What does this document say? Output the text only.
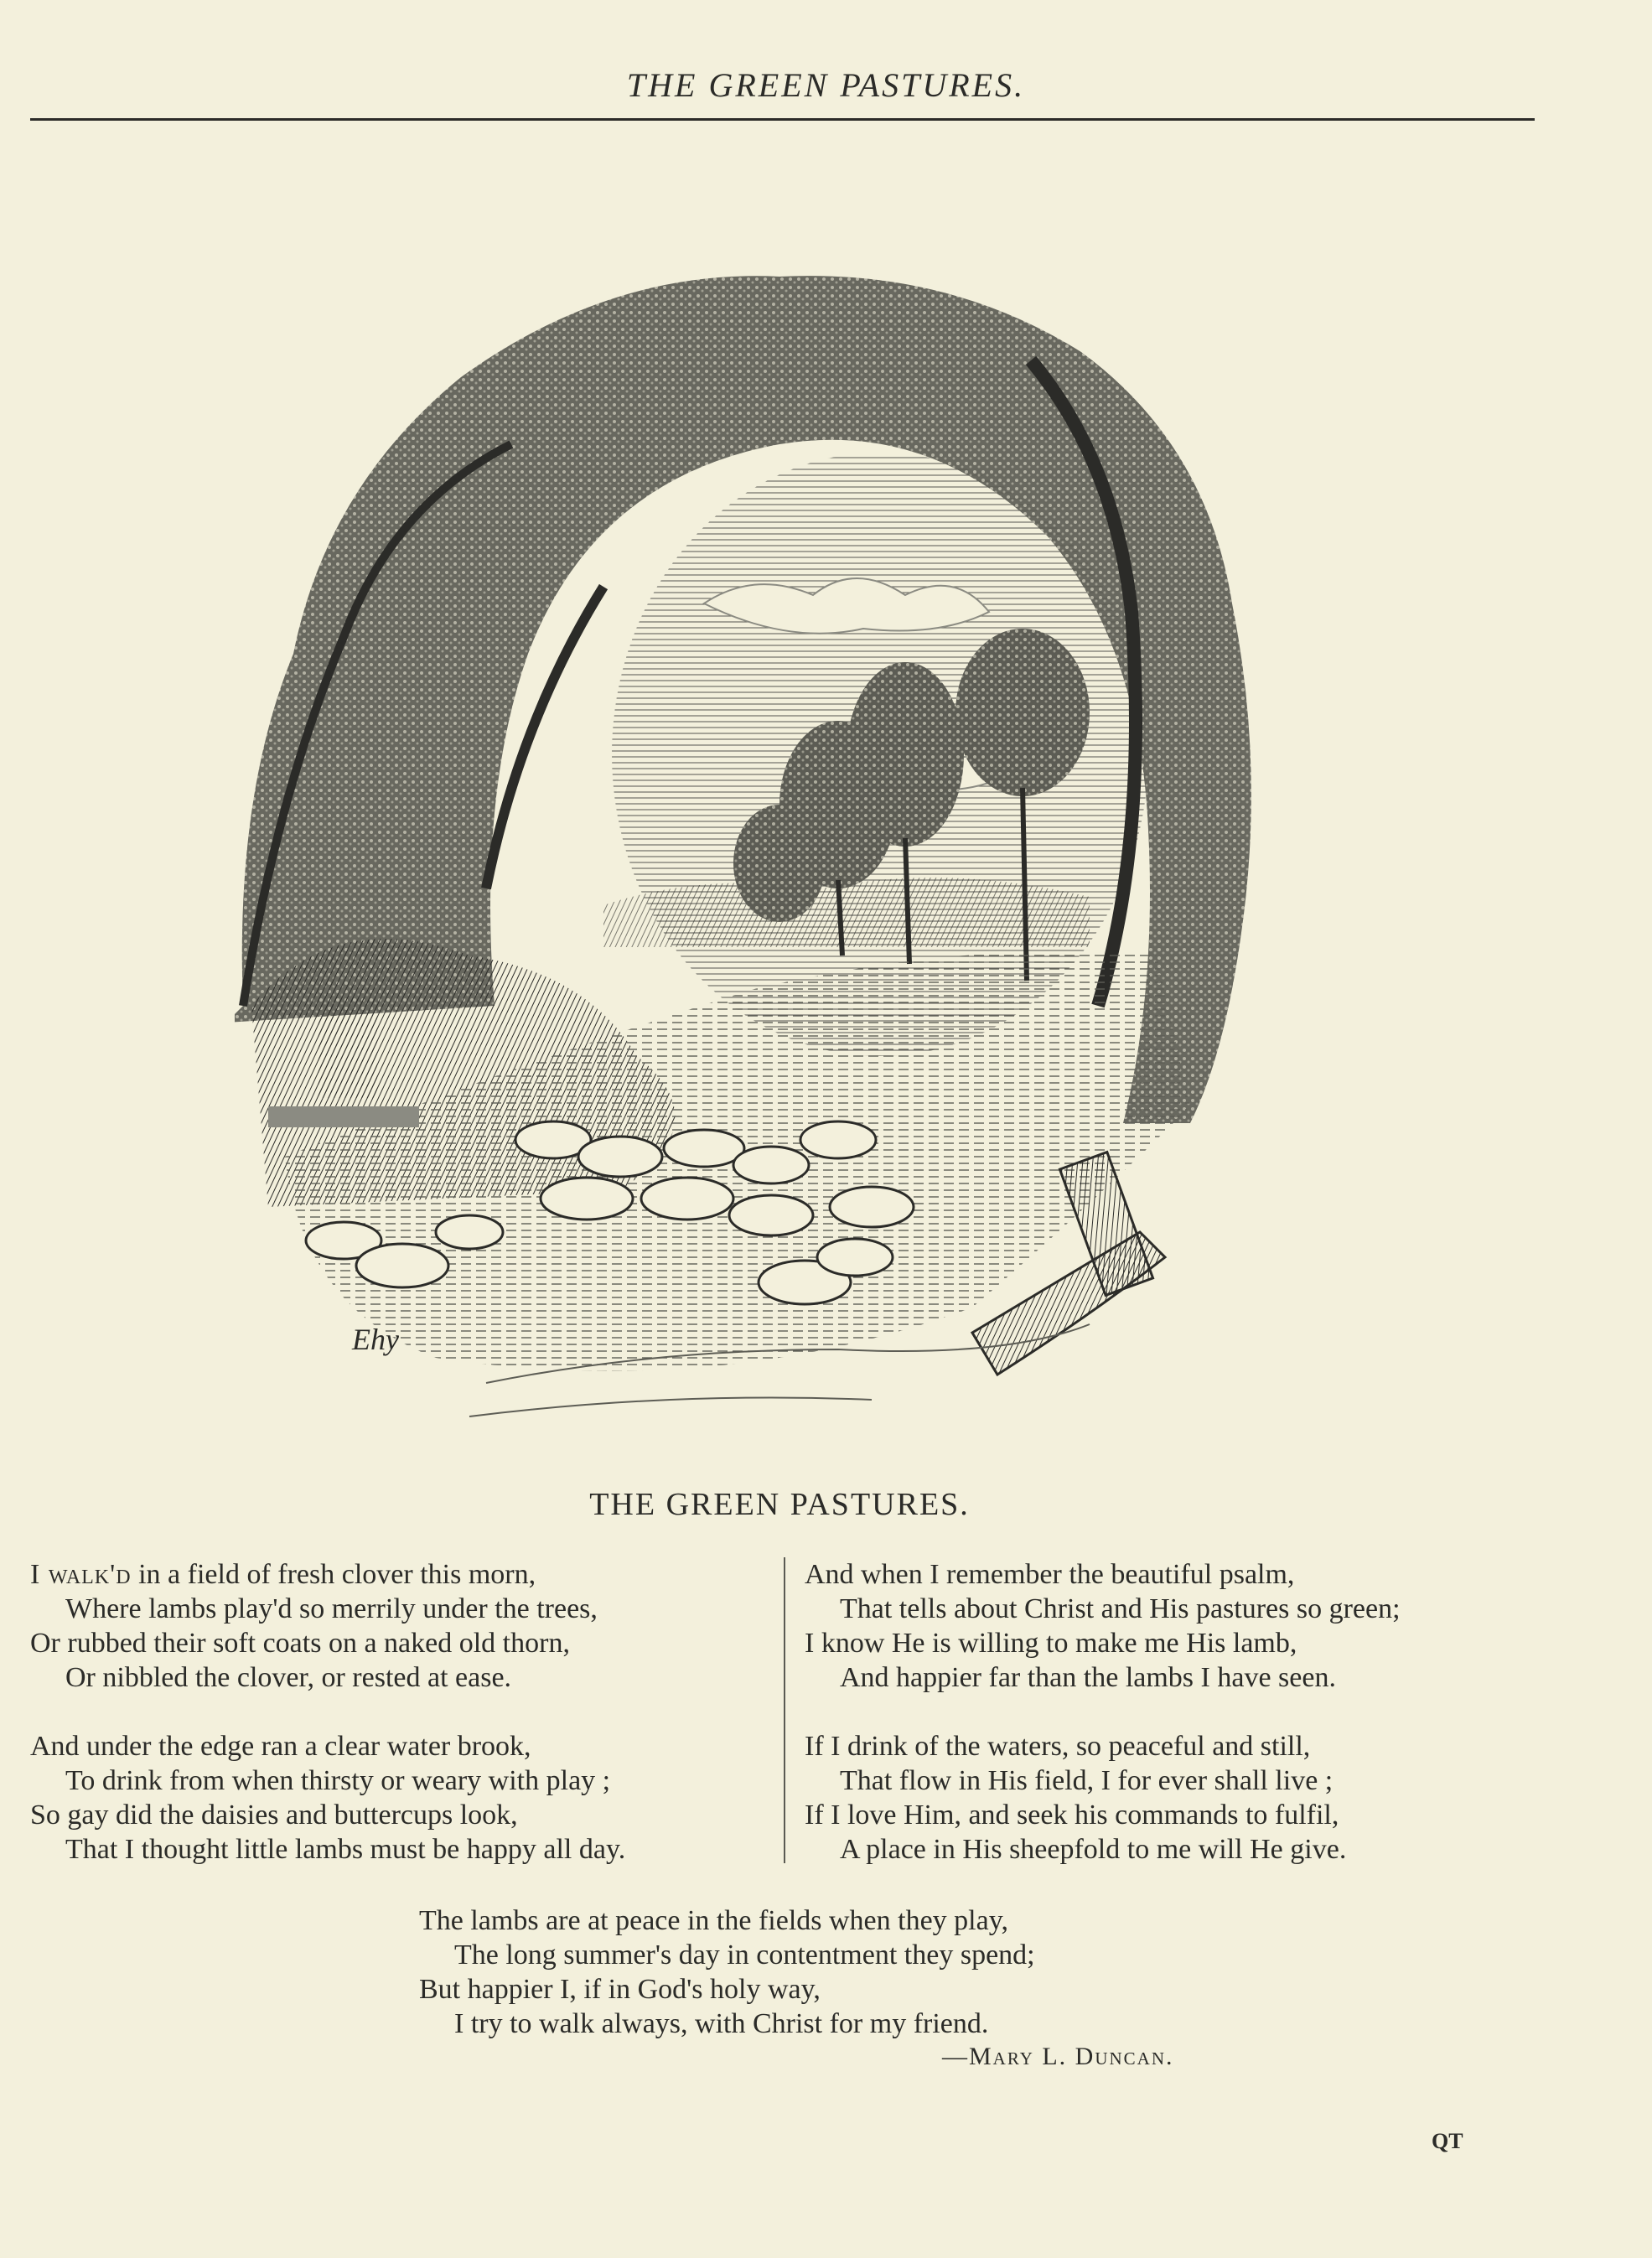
THE GREEN PASTURES.
Ehy
THE GREEN PASTURES.
I walk'd in a field of fresh clover this morn,
Where lambs play'd so merrily under the trees,
Or rubbed their soft coats on a naked old thorn,
Or nibbled the clover, or rested at ease.
And under the edge ran a clear water brook,
To drink from when thirsty or weary with play ;
So gay did the daisies and buttercups look,
That I thought little lambs must be happy all day.
And when I remember the beautiful psalm,
That tells about Christ and His pastures so green;
I know He is willing to make me His lamb,
And happier far than the lambs I have seen.
If I drink of the waters, so peaceful and still,
That flow in His field, I for ever shall live ;
If I love Him, and seek his commands to fulfil,
A place in His sheepfold to me will He give.
The lambs are at peace in the fields when they play,
The long summer's day in contentment they spend;
But happier I, if in God's holy way,
I try to walk always, with Christ for my friend.
—Mary L. Duncan.
QT
